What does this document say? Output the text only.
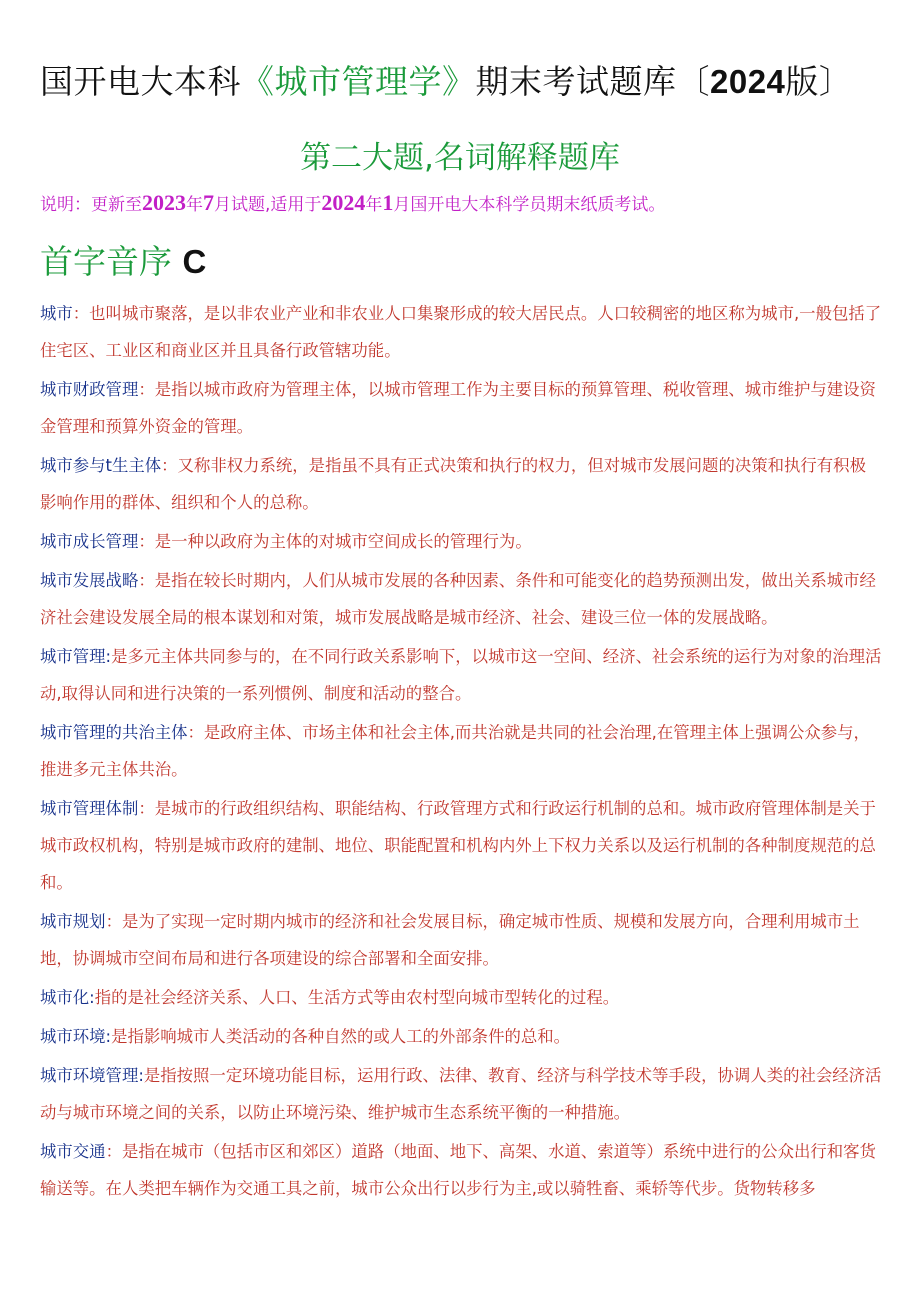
国开电大本科《城市管理学》期末考试题库〔2024版〕
第二大题,名词解释题库
说明：更新至2023年7月试题,适用于2024年1月国开电大本科学员期末纸质考试。
首字音序 C

城市：也叫城市聚落，是以非农业产业和非农业人口集聚形成的较大居民点。人口较稠密的地区称为城市,一般包括了住宅区、工业区和商业区并且具备行政管辖功能。

城市财政管理：是指以城市政府为管理主体，以城市管理工作为主要目标的预算管理、税收管理、城市维护与建设资金管理和预算外资金的管理。

城市参与t生主体：又称非权力系统，是指虽不具有正式决策和执行的权力，但对城市发展问题的决策和执行有积极影响作用的群体、组织和个人的总称。

城市成长管理：是一种以政府为主体的对城市空间成长的管理行为。

城市发展战略：是指在较长时期内，人们从城市发展的各种因素、条件和可能变化的趋势预测出发，做出关系城市经济社会建设发展全局的根本谋划和对策，城市发展战略是城市经济、社会、建设三位一体的发展战略。

城市管理:是多元主体共同参与的，在不同行政关系影响下，以城市这一空间、经济、社会系统的运行为对象的治理活动,取得认同和进行决策的一系列惯例、制度和活动的整合。

城市管理的共治主体：是政府主体、市场主体和社会主体,而共治就是共同的社会治理,在管理主体上强调公众参与，推进多元主体共治。

城市管理体制：是城市的行政组织结构、职能结构、行政管理方式和行政运行机制的总和。城市政府管理体制是关于城市政权机构，特别是城市政府的建制、地位、职能配置和机构内外上下权力关系以及运行机制的各种制度规范的总和。

城市规划：是为了实现一定时期内城市的经济和社会发展目标，确定城市性质、规模和发展方向，合理利用城市土地，协调城市空间布局和进行各项建设的综合部署和全面安排。

城市化:指的是社会经济关系、人口、生活方式等由农村型向城市型转化的过程。

城市环境:是指影响城市人类活动的各种自然的或人工的外部条件的总和。

城市环境管理:是指按照一定环境功能目标，运用行政、法律、教育、经济与科学技术等手段，协调人类的社会经济活动与城市环境之间的关系，以防止环境污染、维护城市生态系统平衡的一种措施。

城市交通：是指在城市（包括市区和郊区）道路（地面、地下、高架、水道、索道等）系统中进行的公众出行和客货输送等。在人类把车辆作为交通工具之前，城市公众出行以步行为主,或以骑牲畜、乘轿等代步。货物转移多
